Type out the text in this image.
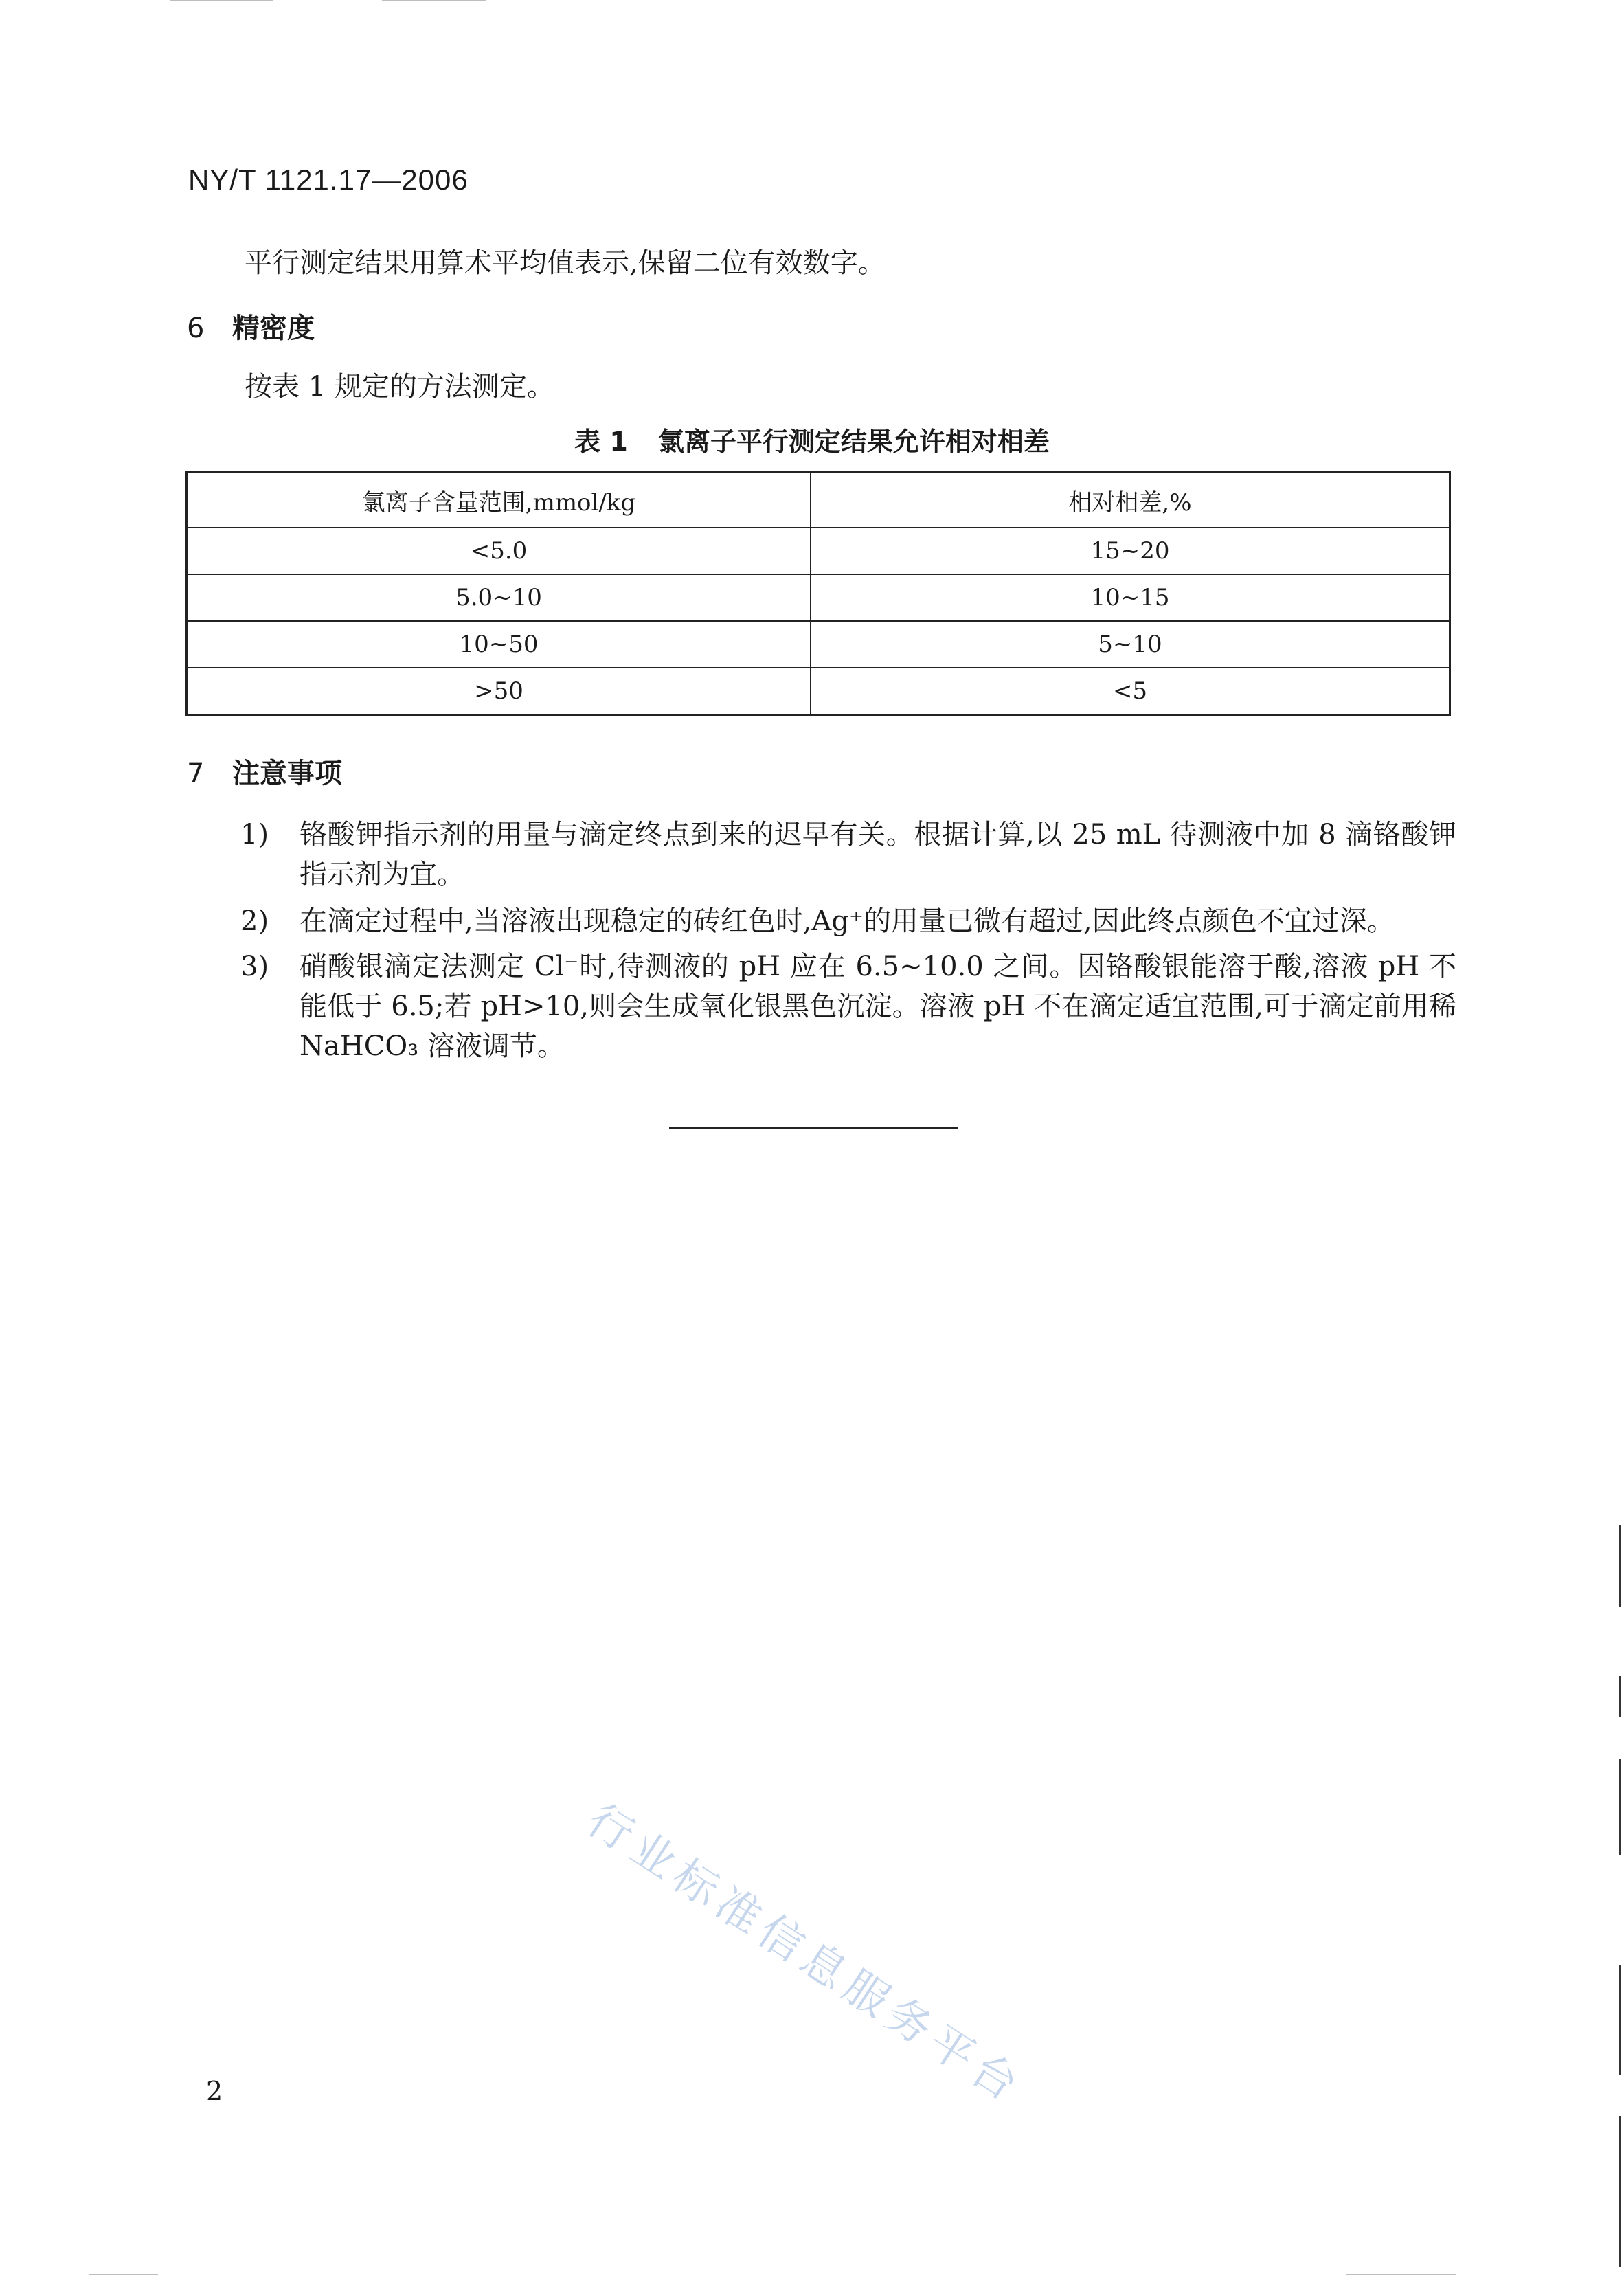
NY/T 1121.17—2006
平行测定结果用算术平均值表示,保留二位有效数字。
6 精密度
按表 1 规定的方法测定。
表 1 氯离子平行测定结果允许相对相差
氯离子含量范围,mmol/kg	相对相差,%
<5.0	15~20
5.0~10	10~15
10~50	5~10
>50	<5
7 注意事项
1)	铬酸钾指示剂的用量与滴定终点到来的迟早有关。根据计算,以 25 mL 待测液中加 8 滴铬酸钾指示剂为宜。
2)	在滴定过程中,当溶液出现稳定的砖红色时,Ag⁺的用量已微有超过,因此终点颜色不宜过深。
3)	硝酸银滴定法测定 Cl⁻时,待测液的 pH 应在 6.5~10.0 之间。因铬酸银能溶于酸,溶液 pH 不能低于 6.5;若 pH>10,则会生成氧化银黑色沉淀。溶液 pH 不在滴定适宜范围,可于滴定前用稀 NaHCO₃ 溶液调节。
行业标准信息服务平台
2
